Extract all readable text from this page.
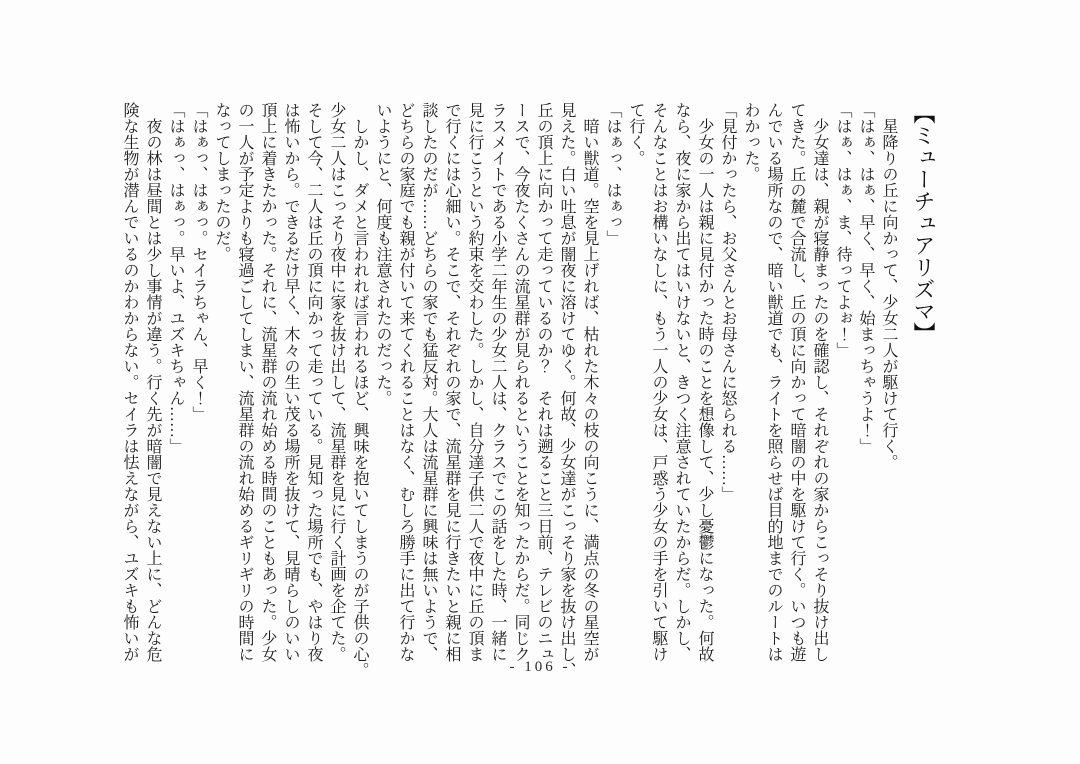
【ミューチュアリズマ】
　星降りの丘に向かって、少女二人が駆けて行く。
「はぁ、はぁ、早く、早く、始まっちゃうよ！」
「はぁ、はぁ、ま、待ってよぉ！」
　少女達は、親が寝静まったのを確認し、それぞれの家からこっそり抜け出し
てきた。丘の麓で合流し、丘の頂に向かって暗闇の中を駆けて行く。いつも遊
んでいる場所なので、暗い獣道でも、ライトを照らせば目的地までのルートは
わかった。
「見付かったら、お父さんとお母さんに怒られる……」
　少女の一人は親に見付かった時のことを想像して、少し憂鬱になった。何故
なら、夜に家から出てはいけないと、きつく注意されていたからだ。しかし、
そんなことはお構いなしに、もう一人の少女は、戸惑う少女の手を引いて駆け
て行く。
「はぁっ、はぁっ」
　暗い獣道。空を見上げれば、枯れた木々の枝の向こうに、満点の冬の星空が
見えた。白い吐息が闇夜に溶けてゆく。何故、少女達がこっそり家を抜け出し、
丘の頂上に向かって走っているのか？　それは遡ること三日前、テレビのニュ
ースで、今夜たくさんの流星群が見られるということを知ったからだ。同じク
ラスメイトである小学二年生の少女二人は、クラスでこの話をした時、一緒に
見に行こうという約束を交わした。しかし、自分達子供二人で夜中に丘の頂ま
で行くには心細い。そこで、それぞれの家で、流星群を見に行きたいと親に相
談したのだが……どちらの家でも猛反対。大人は流星群に興味は無いようで、
どちらの家庭でも親が付いて来てくれることはなく、むしろ勝手に出て行かな
いようにと、何度も注意されたのだった。
　しかし、ダメと言われれば言われるほど、興味を抱いてしまうのが子供の心。
少女二人はこっそり夜中に家を抜け出して、流星群を見に行く計画を企てた。
そして今、二人は丘の頂に向かって走っている。見知った場所でも、やはり夜
は怖いから。できるだけ早く、木々の生い茂る場所を抜けて、見晴らしのいい
頂上に着きたかった。それに、流星群の流れ始める時間のこともあった。少女
の一人が予定よりも寝過ごしてしまい、流星群の流れ始めるギリギリの時間に
なってしまったのだ。
「はぁっ、はぁっ。セイラちゃん、早く！」
「はぁっ、はぁっ。早いよ、ユズキちゃん……」
　夜の林は昼間とは少し事情が違う。行く先が暗闇で見えない上に、どんな危
険な生物が潜んでいるのかわからない。セイラは怯えながら、ユズキも怖いが
- 106 -
